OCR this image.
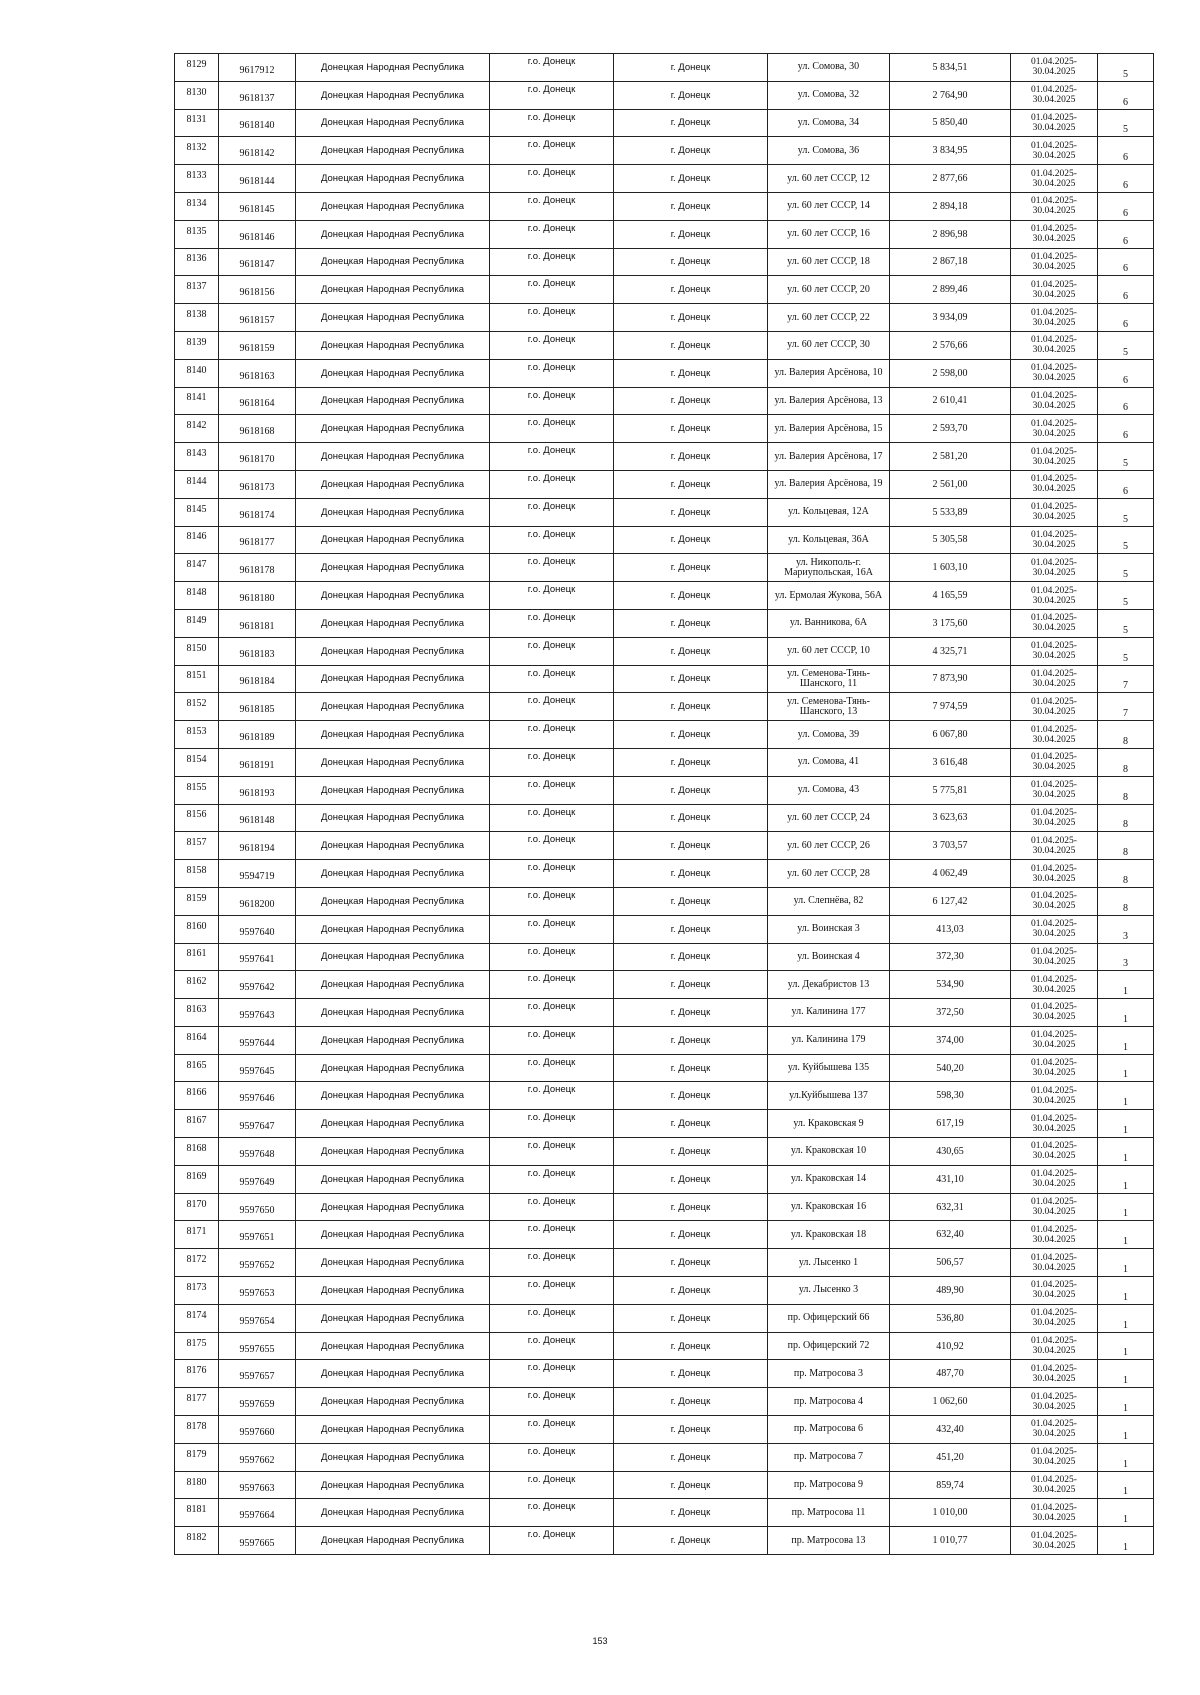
8129	9617912	Донецкая Народная Республика	г.о. Донецк	г. Донецк	ул. Сомова, 30	5 834,51	01.04.2025-30.04.2025	5
8130	9618137	Донецкая Народная Республика	г.о. Донецк	г. Донецк	ул. Сомова, 32	2 764,90	01.04.2025-30.04.2025	6
8131	9618140	Донецкая Народная Республика	г.о. Донецк	г. Донецк	ул. Сомова, 34	5 850,40	01.04.2025-30.04.2025	5
8132	9618142	Донецкая Народная Республика	г.о. Донецк	г. Донецк	ул. Сомова, 36	3 834,95	01.04.2025-30.04.2025	6
8133	9618144	Донецкая Народная Республика	г.о. Донецк	г. Донецк	ул. 60 лет СССР, 12	2 877,66	01.04.2025-30.04.2025	6
8134	9618145	Донецкая Народная Республика	г.о. Донецк	г. Донецк	ул. 60 лет СССР, 14	2 894,18	01.04.2025-30.04.2025	6
8135	9618146	Донецкая Народная Республика	г.о. Донецк	г. Донецк	ул. 60 лет СССР, 16	2 896,98	01.04.2025-30.04.2025	6
8136	9618147	Донецкая Народная Республика	г.о. Донецк	г. Донецк	ул. 60 лет СССР, 18	2 867,18	01.04.2025-30.04.2025	6
8137	9618156	Донецкая Народная Республика	г.о. Донецк	г. Донецк	ул. 60 лет СССР, 20	2 899,46	01.04.2025-30.04.2025	6
8138	9618157	Донецкая Народная Республика	г.о. Донецк	г. Донецк	ул. 60 лет СССР, 22	3 934,09	01.04.2025-30.04.2025	6
8139	9618159	Донецкая Народная Республика	г.о. Донецк	г. Донецк	ул. 60 лет СССР, 30	2 576,66	01.04.2025-30.04.2025	5
8140	9618163	Донецкая Народная Республика	г.о. Донецк	г. Донецк	ул. Валерия Арсёнова, 10	2 598,00	01.04.2025-30.04.2025	6
8141	9618164	Донецкая Народная Республика	г.о. Донецк	г. Донецк	ул. Валерия Арсёнова, 13	2 610,41	01.04.2025-30.04.2025	6
8142	9618168	Донецкая Народная Республика	г.о. Донецк	г. Донецк	ул. Валерия Арсёнова, 15	2 593,70	01.04.2025-30.04.2025	6
8143	9618170	Донецкая Народная Республика	г.о. Донецк	г. Донецк	ул. Валерия Арсёнова, 17	2 581,20	01.04.2025-30.04.2025	5
8144	9618173	Донецкая Народная Республика	г.о. Донецк	г. Донецк	ул. Валерия Арсёнова, 19	2 561,00	01.04.2025-30.04.2025	6
8145	9618174	Донецкая Народная Республика	г.о. Донецк	г. Донецк	ул. Кольцевая, 12А	5 533,89	01.04.2025-30.04.2025	5
8146	9618177	Донецкая Народная Республика	г.о. Донецк	г. Донецк	ул. Кольцевая, 36А	5 305,58	01.04.2025-30.04.2025	5
8147	9618178	Донецкая Народная Республика	г.о. Донецк	г. Донецк	ул. Никополь-г. Мариупольская, 16А	1 603,10	01.04.2025-30.04.2025	5
8148	9618180	Донецкая Народная Республика	г.о. Донецк	г. Донецк	ул. Ермолая Жукова, 56А	4 165,59	01.04.2025-30.04.2025	5
8149	9618181	Донецкая Народная Республика	г.о. Донецк	г. Донецк	ул. Ванникова, 6А	3 175,60	01.04.2025-30.04.2025	5
8150	9618183	Донецкая Народная Республика	г.о. Донецк	г. Донецк	ул. 60 лет СССР, 10	4 325,71	01.04.2025-30.04.2025	5
8151	9618184	Донецкая Народная Республика	г.о. Донецк	г. Донецк	ул. Семенова-Тянь-Шанского, 11	7 873,90	01.04.2025-30.04.2025	7
8152	9618185	Донецкая Народная Республика	г.о. Донецк	г. Донецк	ул. Семенова-Тянь-Шанского, 13	7 974,59	01.04.2025-30.04.2025	7
8153	9618189	Донецкая Народная Республика	г.о. Донецк	г. Донецк	ул. Сомова, 39	6 067,80	01.04.2025-30.04.2025	8
8154	9618191	Донецкая Народная Республика	г.о. Донецк	г. Донецк	ул. Сомова, 41	3 616,48	01.04.2025-30.04.2025	8
8155	9618193	Донецкая Народная Республика	г.о. Донецк	г. Донецк	ул. Сомова, 43	5 775,81	01.04.2025-30.04.2025	8
8156	9618148	Донецкая Народная Республика	г.о. Донецк	г. Донецк	ул. 60 лет СССР, 24	3 623,63	01.04.2025-30.04.2025	8
8157	9618194	Донецкая Народная Республика	г.о. Донецк	г. Донецк	ул. 60 лет СССР, 26	3 703,57	01.04.2025-30.04.2025	8
8158	9594719	Донецкая Народная Республика	г.о. Донецк	г. Донецк	ул. 60 лет СССР, 28	4 062,49	01.04.2025-30.04.2025	8
8159	9618200	Донецкая Народная Республика	г.о. Донецк	г. Донецк	ул. Слепнёва, 82	6 127,42	01.04.2025-30.04.2025	8
8160	9597640	Донецкая Народная Республика	г.о. Донецк	г. Донецк	ул. Воинская 3	413,03	01.04.2025-30.04.2025	3
8161	9597641	Донецкая Народная Республика	г.о. Донецк	г. Донецк	ул. Воинская 4	372,30	01.04.2025-30.04.2025	3
8162	9597642	Донецкая Народная Республика	г.о. Донецк	г. Донецк	ул. Декабристов 13	534,90	01.04.2025-30.04.2025	1
8163	9597643	Донецкая Народная Республика	г.о. Донецк	г. Донецк	ул. Калинина 177	372,50	01.04.2025-30.04.2025	1
8164	9597644	Донецкая Народная Республика	г.о. Донецк	г. Донецк	ул. Калинина 179	374,00	01.04.2025-30.04.2025	1
8165	9597645	Донецкая Народная Республика	г.о. Донецк	г. Донецк	ул. Куйбышева 135	540,20	01.04.2025-30.04.2025	1
8166	9597646	Донецкая Народная Республика	г.о. Донецк	г. Донецк	ул.Куйбышева 137	598,30	01.04.2025-30.04.2025	1
8167	9597647	Донецкая Народная Республика	г.о. Донецк	г. Донецк	ул. Краковская 9	617,19	01.04.2025-30.04.2025	1
8168	9597648	Донецкая Народная Республика	г.о. Донецк	г. Донецк	ул. Краковская 10	430,65	01.04.2025-30.04.2025	1
8169	9597649	Донецкая Народная Республика	г.о. Донецк	г. Донецк	ул. Краковская 14	431,10	01.04.2025-30.04.2025	1
8170	9597650	Донецкая Народная Республика	г.о. Донецк	г. Донецк	ул. Краковская 16	632,31	01.04.2025-30.04.2025	1
8171	9597651	Донецкая Народная Республика	г.о. Донецк	г. Донецк	ул. Краковская 18	632,40	01.04.2025-30.04.2025	1
8172	9597652	Донецкая Народная Республика	г.о. Донецк	г. Донецк	ул. Лысенко 1	506,57	01.04.2025-30.04.2025	1
8173	9597653	Донецкая Народная Республика	г.о. Донецк	г. Донецк	ул. Лысенко 3	489,90	01.04.2025-30.04.2025	1
8174	9597654	Донецкая Народная Республика	г.о. Донецк	г. Донецк	пр. Офицерский 66	536,80	01.04.2025-30.04.2025	1
8175	9597655	Донецкая Народная Республика	г.о. Донецк	г. Донецк	пр. Офицерский 72	410,92	01.04.2025-30.04.2025	1
8176	9597657	Донецкая Народная Республика	г.о. Донецк	г. Донецк	пр. Матросова 3	487,70	01.04.2025-30.04.2025	1
8177	9597659	Донецкая Народная Республика	г.о. Донецк	г. Донецк	пр. Матросова 4	1 062,60	01.04.2025-30.04.2025	1
8178	9597660	Донецкая Народная Республика	г.о. Донецк	г. Донецк	пр. Матросова 6	432,40	01.04.2025-30.04.2025	1
8179	9597662	Донецкая Народная Республика	г.о. Донецк	г. Донецк	пр. Матросова 7	451,20	01.04.2025-30.04.2025	1
8180	9597663	Донецкая Народная Республика	г.о. Донецк	г. Донецк	пр. Матросова 9	859,74	01.04.2025-30.04.2025	1
8181	9597664	Донецкая Народная Республика	г.о. Донецк	г. Донецк	пр. Матросова 11	1 010,00	01.04.2025-30.04.2025	1
8182	9597665	Донецкая Народная Республика	г.о. Донецк	г. Донецк	пр. Матросова 13	1 010,77	01.04.2025-30.04.2025	1
153
